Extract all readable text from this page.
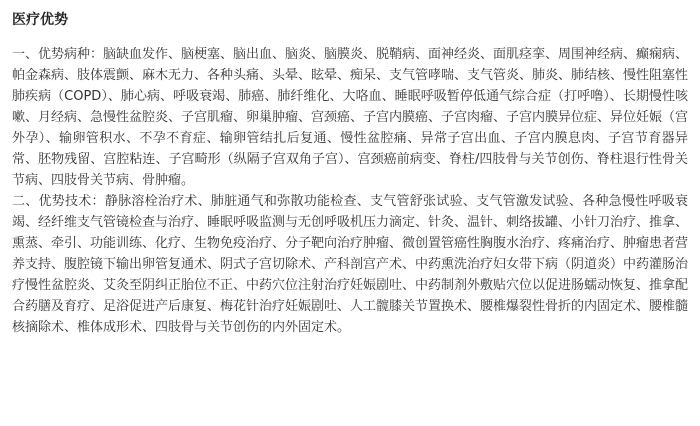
医疗优势

一、优势病种：脑缺血发作、脑梗塞、脑出血、脑炎、脑膜炎、脱鞘病、面神经炎、面肌痉挛、周围神经病、癫痫病、帕金森病、肢体震颤、麻木无力、各种头痛、头晕、眩晕、痴呆、支气管哮喘、支气管炎、肺炎、肺结核、慢性阻塞性肺疾病（COPD）、肺心病、呼吸衰竭、肺癌、肺纤维化、大咯血、睡眠呼吸暂停低通气综合症（打呼噜）、长期慢性咳嗽、月经病、急慢性盆腔炎、子宫肌瘤、卵巢肿瘤、宫颈癌、子宫内膜癌、子宫肉瘤、子宫内膜异位症、异位妊娠（宫外孕）、输卵管积水、不孕不育症、输卵管结扎后复通、慢性盆腔痛、异常子宫出血、子宫内膜息肉、子宫节育器异常、胚物残留、宫腔粘连、子宫畸形（纵隔子宫双角子宫）、宫颈癌前病变、脊柱/四肢骨与关节创伤、脊柱退行性骨关节病、四肢骨关节病、骨肿瘤。

二、优势技术：静脉溶栓治疗术、肺脏通气和弥散功能检查、支气管舒张试验、支气管激发试验、各种急慢性呼吸衰竭、经纤维支气管镜检查与治疗、睡眠呼吸监测与无创呼吸机压力滴定、针灸、温针、刺络拔罐、小针刀治疗、推拿、熏蒸、牵引、功能训练、化疗、生物免疫治疗、分子靶向治疗肿瘤、微创置管癌性胸腹水治疗、疼痛治疗、肿瘤患者营养支持、腹腔镜下输出卵管复通术、阴式子宫切除术、产科剖宫产术、中药熏洗治疗妇女带下病（阴道炎）中药灌肠治疗慢性盆腔炎、艾灸至阴纠正胎位不正、中药穴位注射治疗妊娠剧吐、中药制剂外敷贴穴位以促进肠蠕动恢复、推拿配合药膳及育疗、足浴促进产后康复、梅花针治疗妊娠剧吐、人工髋膝关节置换术、腰椎爆裂性骨折的内固定术、腰椎髓核摘除术、椎体成形术、四肢骨与关节创伤的内外固定术。
